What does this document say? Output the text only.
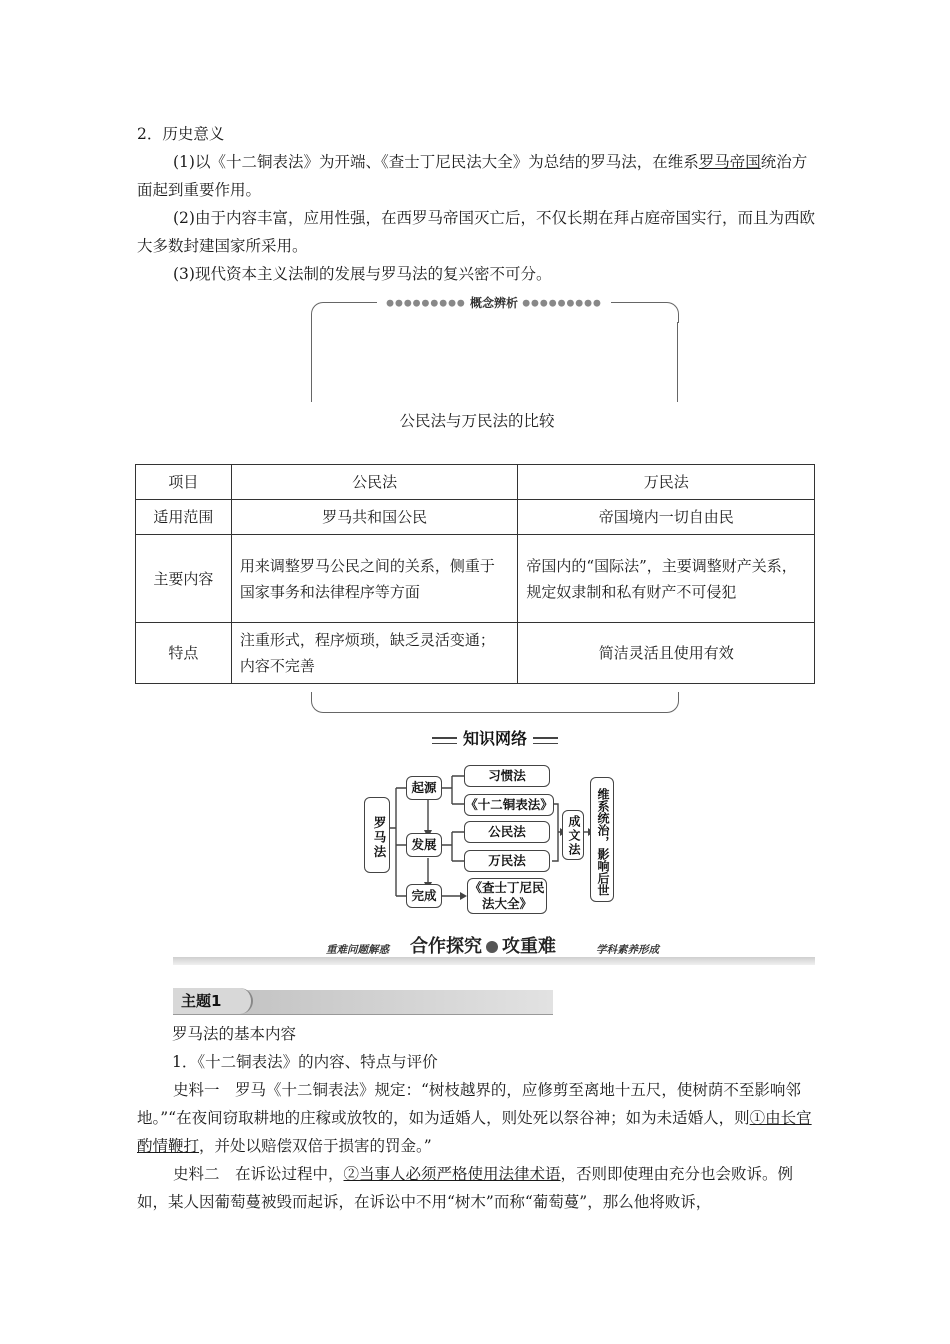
2．历史意义
(1)以《十二铜表法》为开端、《查士丁尼民法大全》为总结的罗马法，在维系罗马帝国统治方面起到重要作用。
(2)由于内容丰富，应用性强，在西罗马帝国灭亡后，不仅长期在拜占庭帝国实行，而且为西欧大多数封建国家所采用。
(3)现代资本主义法制的发展与罗马法的复兴密不可分。
●●●●●●●●● 概念辨析 ●●●●●●●●●
公民法与万民法的比较
项目	公民法	万民法
适用范围	罗马共和国公民	帝国境内一切自由民
主要内容	用来调整罗马公民之间的关系，侧重于国家事务和法律程序等方面	帝国内的“国际法”，主要调整财产关系，规定奴隶制和私有财产不可侵犯
特点	注重形式，程序烦琐，缺乏灵活变通；内容不完善	简洁灵活且使用有效
知识网络
罗马法
起源
发展
完成
习惯法
《十二铜表法》
公民法
万民法
《查士丁尼民法大全》
成文法	维系统治，影响后世
重难问题解惑 合作探究 攻重难	学科素养形成
主题1
罗马法的基本内容
1．《十二铜表法》的内容、特点与评价
史料一　罗马《十二铜表法》规定：“树枝越界的，应修剪至离地十五尺，使树荫不至影响邻地。”“在夜间窃取耕地的庄稼或放牧的，如为适婚人，则处死以祭谷神；如为未适婚人，则①由长官酌情鞭打，并处以赔偿双倍于损害的罚金。”
史料二　在诉讼过程中，②当事人必须严格使用法律术语，否则即使理由充分也会败诉。例如，某人因葡萄蔓被毁而起诉，在诉讼中不用“树木”而称“葡萄蔓”，那么他将败诉，
